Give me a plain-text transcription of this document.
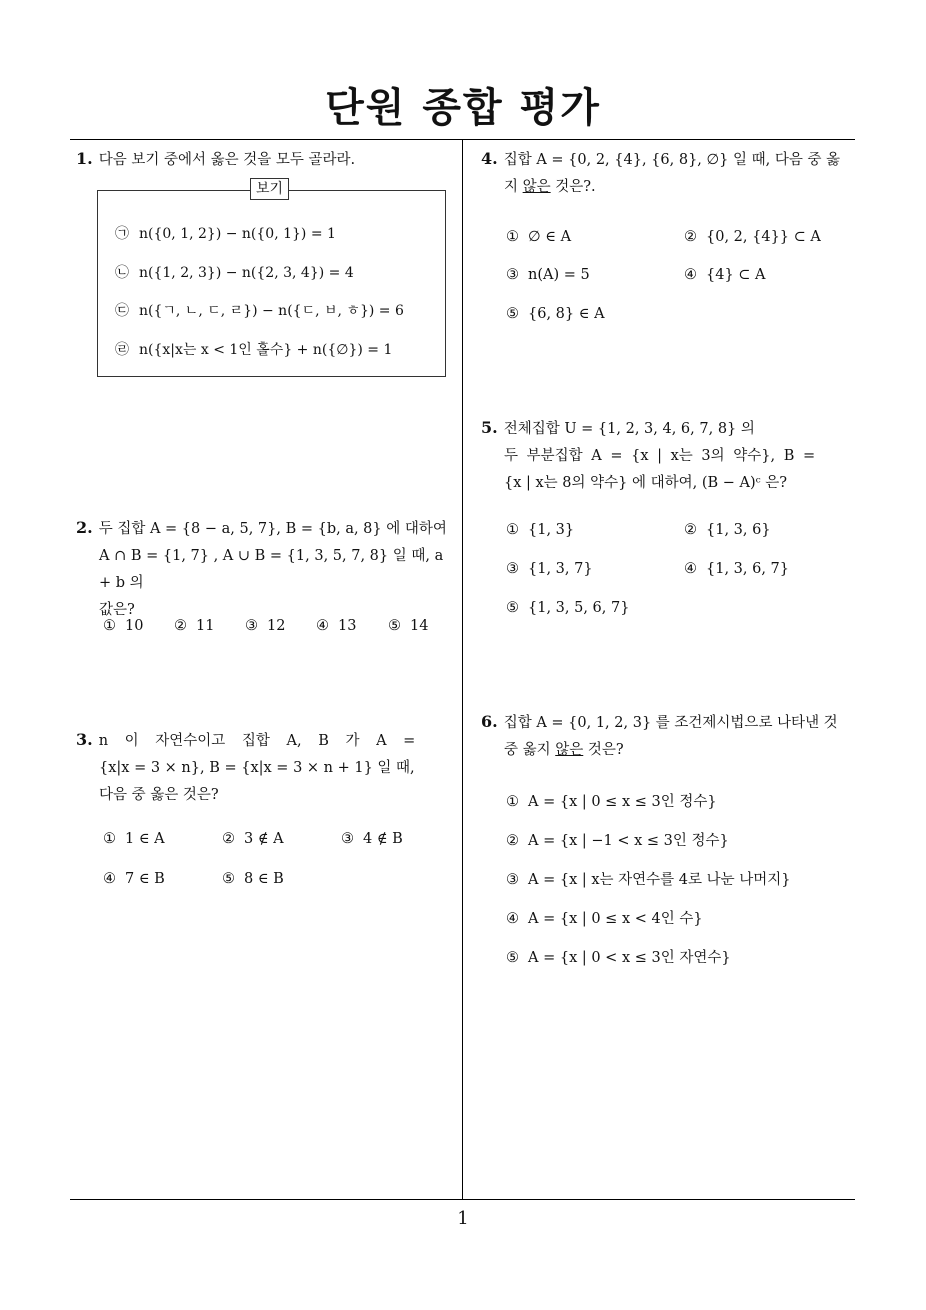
단원 종합 평가
1
1. 다음 보기 중에서 옳은 것을 모두 골라라.
보기
㉠ n({0, 1, 2}) − n({0, 1}) = 1
㉡ n({1, 2, 3}) − n({2, 3, 4}) = 4
㉢ n({ㄱ, ㄴ, ㄷ, ㄹ}) − n({ㄷ, ㅂ, ㅎ}) = 6
㉣ n({x|x는 x < 1인 홀수} + n({∅}) = 1
2. 두 집합 A = {8 − a, 5, 7}, B = {b, a, 8} 에 대하여
A ∩ B = {1, 7} , A ∪ B = {1, 3, 5, 7, 8} 일 때, a + b 의
값은?
① 10 ② 11 ③ 12 ④ 13 ⑤ 14
3. n 이 자연수이고 집합 A, B 가 A =
{x|x = 3 × n}, B = {x|x = 3 × n + 1} 일 때,
다음 중 옳은 것은?
① 1 ∈ A	② 3 ∉ A	③ 4 ∉ B
④ 7 ∈ B	⑤ 8 ∈ B
4. 집합 A = {0, 2, {4}, {6, 8}, ∅} 일 때, 다음 중 옳
지 않은 것은?.
① ∅ ∈ A	② {0, 2, {4}} ⊂ A
③ n(A) = 5	④ {4} ⊂ A
⑤ {6, 8} ∈ A
5. 전체집합 U = {1, 2, 3, 4, 6, 7, 8} 의
두 부분집합 A = {x | x는 3의 약수}, B =
{x | x는 8의 약수} 에 대하여, (B − A)ᶜ 은?
① {1, 3}	② {1, 3, 6}
③ {1, 3, 7}	④ {1, 3, 6, 7}
⑤ {1, 3, 5, 6, 7}
6. 집합 A = {0, 1, 2, 3} 를 조건제시법으로 나타낸 것
중 옳지 않은 것은?
① A = {x | 0 ≤ x ≤ 3인 정수}
② A = {x | −1 < x ≤ 3인 정수}
③ A = {x | x는 자연수를 4로 나눈 나머지}
④ A = {x | 0 ≤ x < 4인 수}
⑤ A = {x | 0 < x ≤ 3인 자연수}
